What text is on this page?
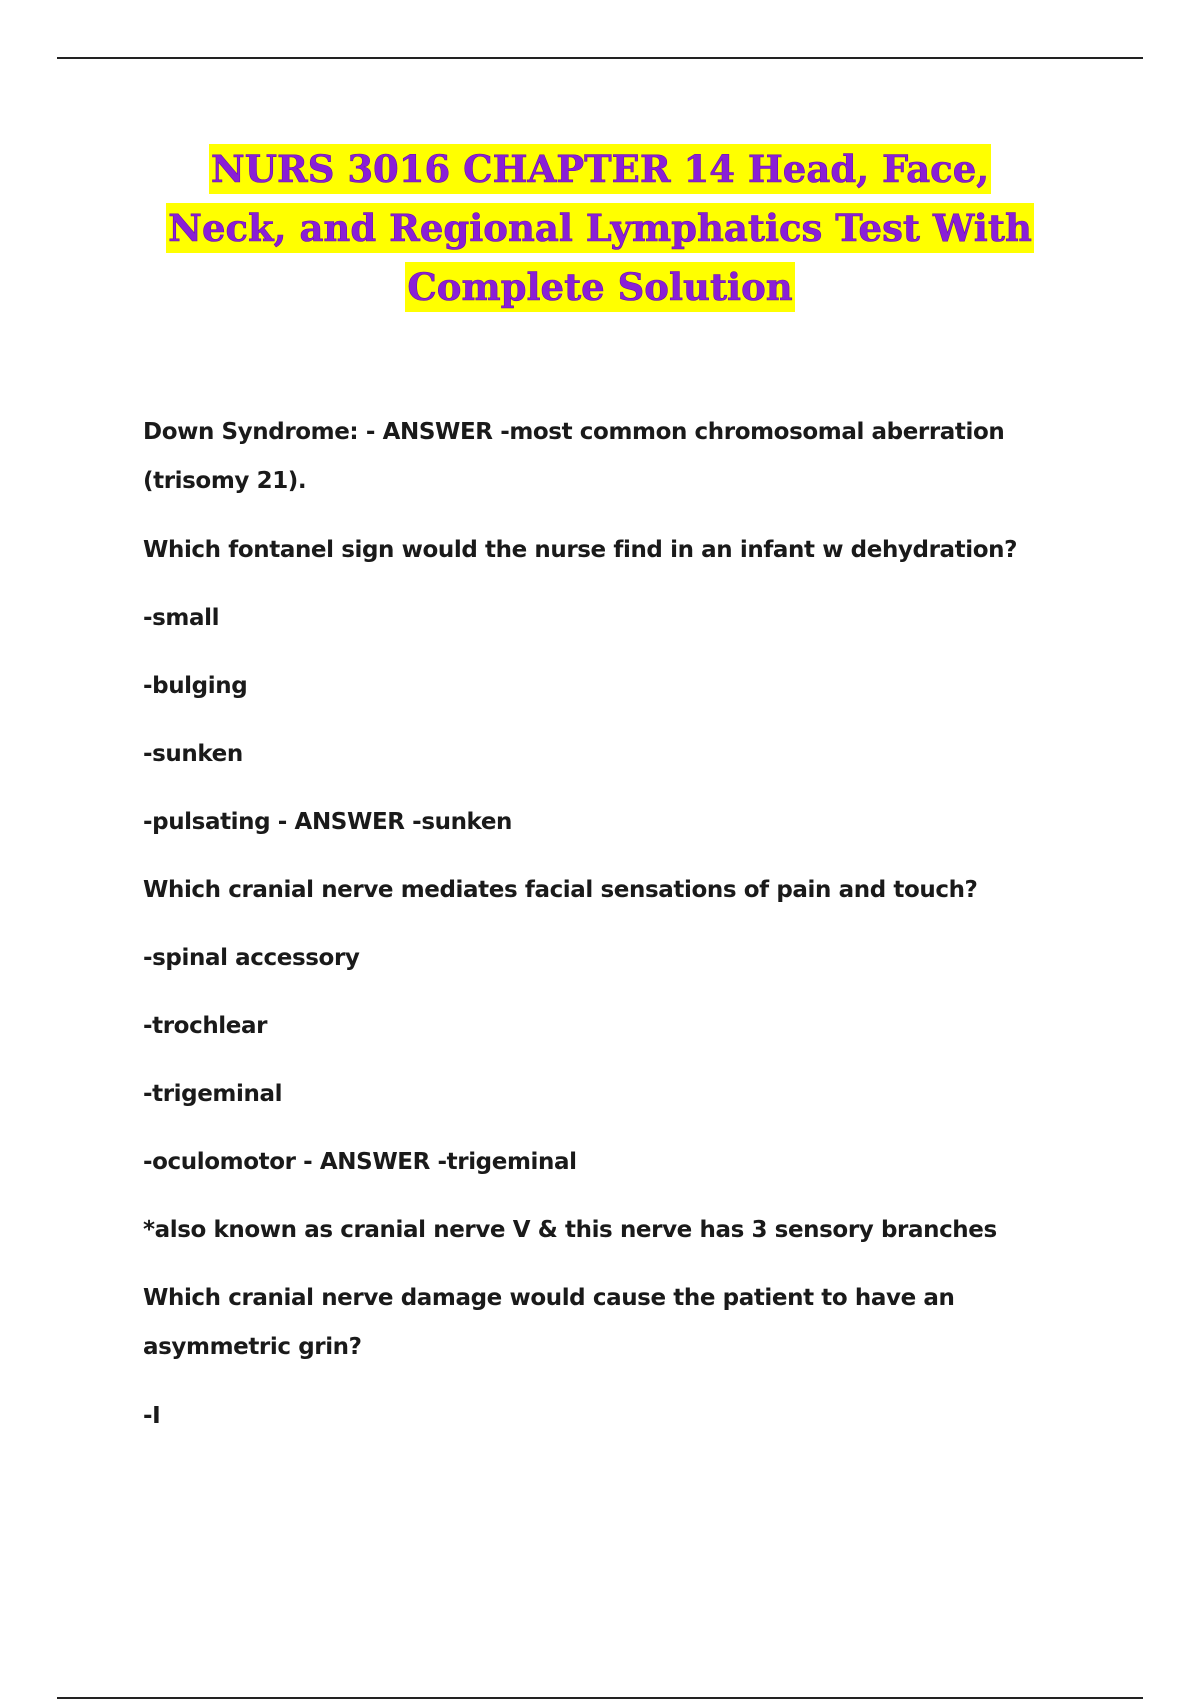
NURS 3016 CHAPTER 14 Head, Face,
Neck, and Regional Lymphatics Test With
Complete Solution

Down Syndrome: - ANSWER -most common chromosomal aberration (trisomy 21).

Which fontanel sign would the nurse find in an infant w dehydration?

-small

-bulging

-sunken

-pulsating - ANSWER -sunken

Which cranial nerve mediates facial sensations of pain and touch?

-spinal accessory

-trochlear

-trigeminal

-oculomotor - ANSWER -trigeminal

*also known as cranial nerve V & this nerve has 3 sensory branches

Which cranial nerve damage would cause the patient to have an asymmetric grin?

-I
